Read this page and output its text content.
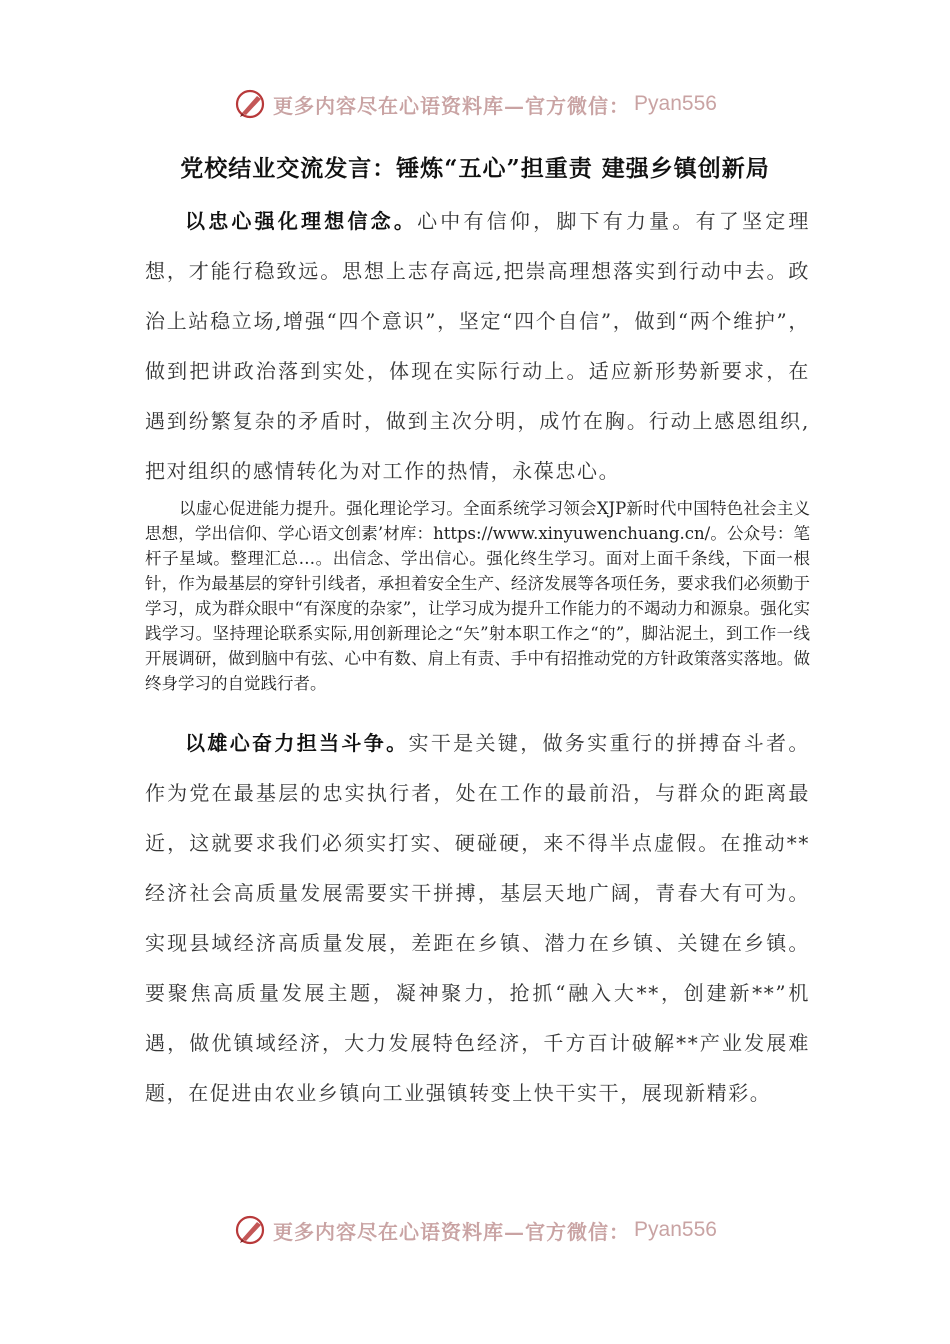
更多内容尽在心语资料库—官方微信： Pyan556
党校结业交流发言：锤炼“五心”担重责 建强乡镇创新局

以忠心强化理想信念。心中有信仰，脚下有力量。有了坚定理想，才能行稳致远。思想上志存高远,把崇高理想落实到行动中去。政治上站稳立场,增强“四个意识”，坚定“四个自信”，做到“两个维护”，做到把讲政治落到实处，体现在实际行动上。适应新形势新要求，在遇到纷繁复杂的矛盾时，做到主次分明，成竹在胸。行动上感恩组织,把对组织的感情转化为对工作的热情，永葆忠心。

以虚心促进能力提升。强化理论学习。全面系统学习领会XJP新时代中国特色社会主义思想，学出信仰、学心语文创素’材库：https://www.xinyuwenchuang.cn/。公众号：笔杆子星域。整理汇总…。出信念、学出信心。强化终生学习。面对上面千条线，下面一根针，作为最基层的穿针引线者，承担着安全生产、经济发展等各项任务，要求我们必须勤于学习，成为群众眼中“有深度的杂家”，让学习成为提升工作能力的不竭动力和源泉。强化实践学习。坚持理论联系实际,用创新理论之“矢”射本职工作之“的”，脚沾泥土，到工作一线开展调研，做到脑中有弦、心中有数、肩上有责、手中有招推动党的方针政策落实落地。做终身学习的自觉践行者。

以雄心奋力担当斗争。实干是关键，做务实重行的拼搏奋斗者。作为党在最基层的忠实执行者，处在工作的最前沿，与群众的距离最近，这就要求我们必须实打实、硬碰硬，来不得半点虚假。在推动**经济社会高质量发展需要实干拼搏，基层天地广阔，青春大有可为。实现县域经济高质量发展，差距在乡镇、潜力在乡镇、关键在乡镇。要聚焦高质量发展主题，凝神聚力，抢抓“融入大**，创建新**”机遇，做优镇域经济，大力发展特色经济，千方百计破解**产业发展难题，在促进由农业乡镇向工业强镇转变上快干实干，展现新精彩。

更多内容尽在心语资料库—官方微信： Pyan556
